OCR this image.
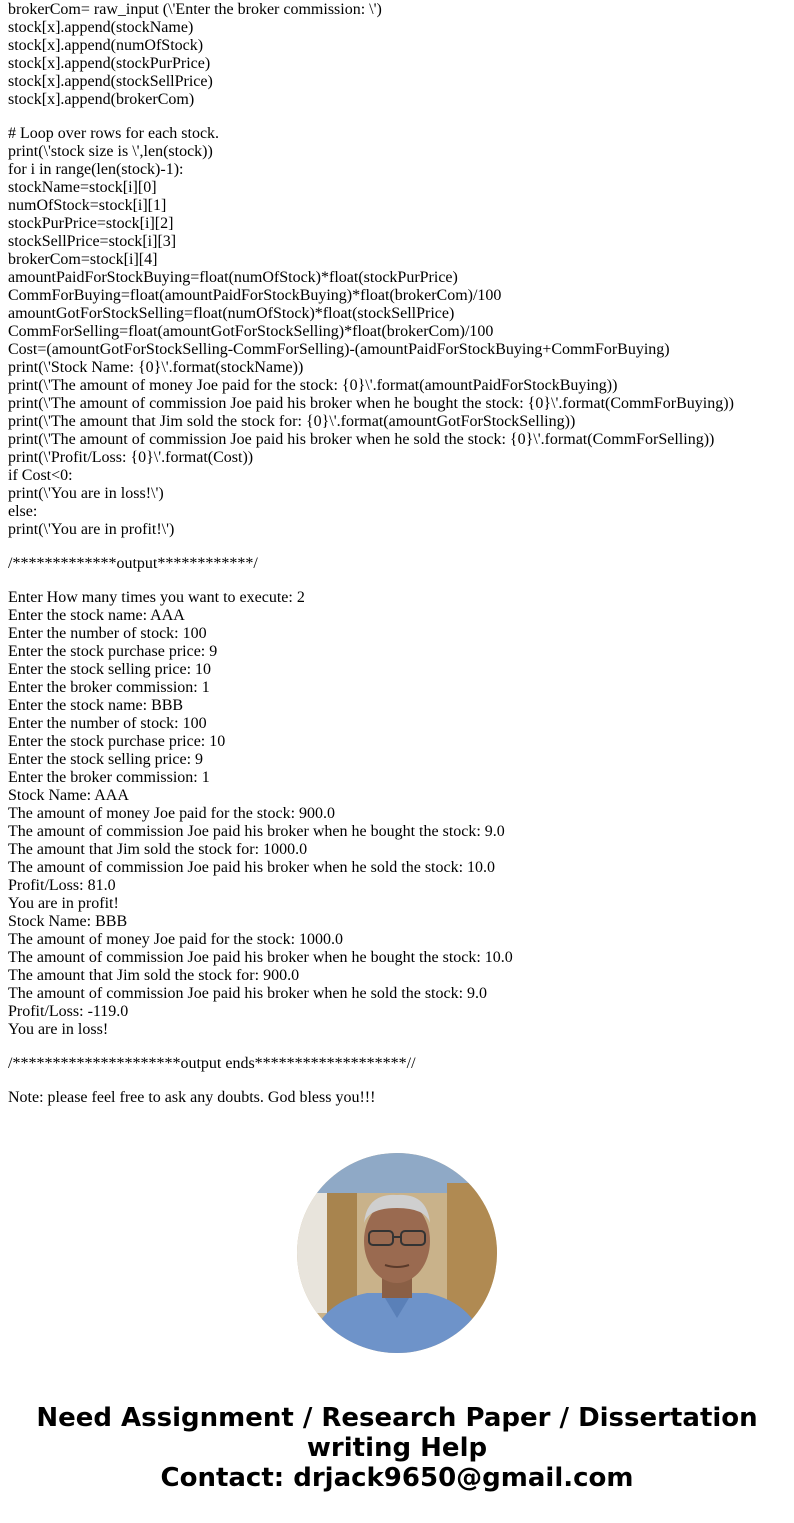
brokerCom= raw_input (\'Enter the broker commission: \')
stock[x].append(stockName)
stock[x].append(numOfStock)
stock[x].append(stockPurPrice)
stock[x].append(stockSellPrice)
stock[x].append(brokerCom)
# Loop over rows for each stock.
print(\'stock size is \',len(stock))
for i in range(len(stock)-1):
stockName=stock[i][0]
numOfStock=stock[i][1]
stockPurPrice=stock[i][2]
stockSellPrice=stock[i][3]
brokerCom=stock[i][4]
amountPaidForStockBuying=float(numOfStock)*float(stockPurPrice)
CommForBuying=float(amountPaidForStockBuying)*float(brokerCom)/100
amountGotForStockSelling=float(numOfStock)*float(stockSellPrice)
CommForSelling=float(amountGotForStockSelling)*float(brokerCom)/100
Cost=(amountGotForStockSelling-CommForSelling)-(amountPaidForStockBuying+CommForBuying)
print(\'Stock Name: {0}\'.format(stockName))
print(\'The amount of money Joe paid for the stock: {0}\'.format(amountPaidForStockBuying))
print(\'The amount of commission Joe paid his broker when he bought the stock: {0}\'.format(CommForBuying))
print(\'The amount that Jim sold the stock for: {0}\'.format(amountGotForStockSelling))
print(\'The amount of commission Joe paid his broker when he sold the stock: {0}\'.format(CommForSelling))
print(\'Profit/Loss: {0}\'.format(Cost))
if Cost<0:
print(\'You are in loss!\')
else:
print(\'You are in profit!\')
/*************output************/
Enter How many times you want to execute: 2
Enter the stock name: AAA
Enter the number of stock: 100
Enter the stock purchase price: 9
Enter the stock selling price: 10
Enter the broker commission: 1
Enter the stock name: BBB
Enter the number of stock: 100
Enter the stock purchase price: 10
Enter the stock selling price: 9
Enter the broker commission: 1
Stock Name: AAA
The amount of money Joe paid for the stock: 900.0
The amount of commission Joe paid his broker when he bought the stock: 9.0
The amount that Jim sold the stock for: 1000.0
The amount of commission Joe paid his broker when he sold the stock: 10.0
Profit/Loss: 81.0
You are in profit!
Stock Name: BBB
The amount of money Joe paid for the stock: 1000.0
The amount of commission Joe paid his broker when he bought the stock: 10.0
The amount that Jim sold the stock for: 900.0
The amount of commission Joe paid his broker when he sold the stock: 9.0
Profit/Loss: -119.0
You are in loss!
/*********************output ends*******************//
Note: please feel free to ask any doubts. God bless you!!!
Need Assignment / Research Paper / Dissertation
writing Help
Contact: drjack9650@gmail.com
